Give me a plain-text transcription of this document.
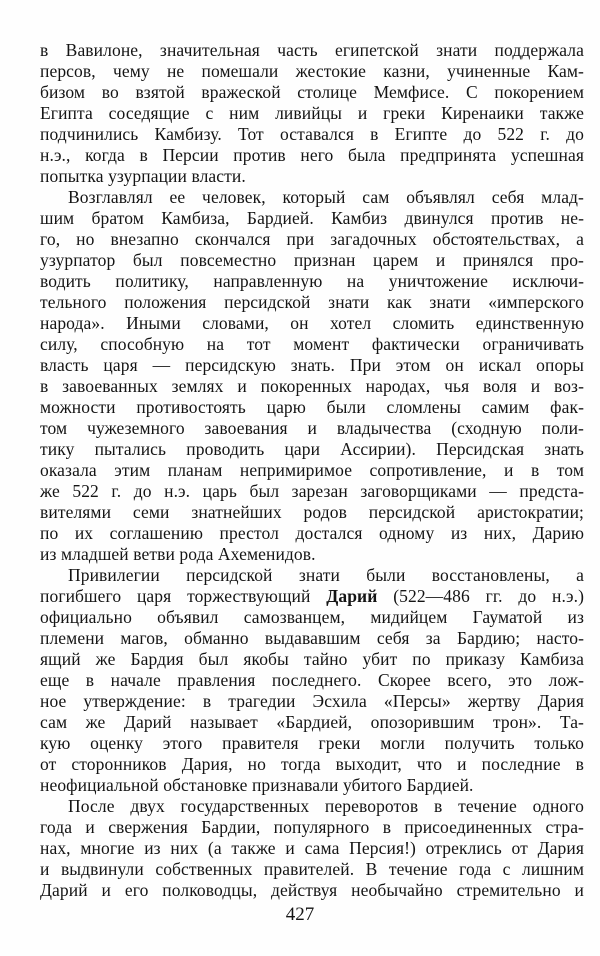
в Вавилоне, значительная часть египетской знати поддержала
персов, чему не помешали жестокие казни, учиненные Кам-
бизом во взятой вражеской столице Мемфисе. С покорением
Египта соседящие с ним ливийцы и греки Киренаики также
подчинились Камбизу. Тот оставался в Египте до 522 г. до
н.э., когда в Персии против него была предпринята успешная
попытка узурпации власти.
Возглавлял ее человек, который сам объявлял себя млад-
шим братом Камбиза, Бардией. Камбиз двинулся против не-
го, но внезапно скончался при загадочных обстоятельствах, а
узурпатор был повсеместно признан царем и принялся про-
водить политику, направленную на уничтожение исключи-
тельного положения персидской знати как знати «имперского
народа». Иными словами, он хотел сломить единственную
силу, способную на тот момент фактически ограничивать
власть царя — персидскую знать. При этом он искал опоры
в завоеванных землях и покоренных народах, чья воля и воз-
можности противостоять царю были сломлены самим фак-
том чужеземного завоевания и владычества (сходную поли-
тику пытались проводить цари Ассирии). Персидская знать
оказала этим планам непримиримое сопротивление, и в том
же 522 г. до н.э. царь был зарезан заговорщиками — предста-
вителями семи знатнейших родов персидской аристократии;
по их соглашению престол достался одному из них, Дарию
из младшей ветви рода Ахеменидов.
Привилегии персидской знати были восстановлены, а
погибшего царя торжествующий Дарий (522—486 гг. до н.э.)
официально объявил самозванцем, мидийцем Гауматой из
племени магов, обманно выдававшим себя за Бардию; насто-
ящий же Бардия был якобы тайно убит по приказу Камбиза
еще в начале правления последнего. Скорее всего, это лож-
ное утверждение: в трагедии Эсхила «Персы» жертву Дария
сам же Дарий называет «Бардией, опозорившим трон». Та-
кую оценку этого правителя греки могли получить только
от сторонников Дария, но тогда выходит, что и последние в
неофициальной обстановке признавали убитого Бардией.
После двух государственных переворотов в течение одного
года и свержения Бардии, популярного в присоединенных стра-
нах, многие из них (а также и сама Персия!) отреклись от Дария
и выдвинули собственных правителей. В течение года с лишним
Дарий и его полководцы, действуя необычайно стремительно и
427
